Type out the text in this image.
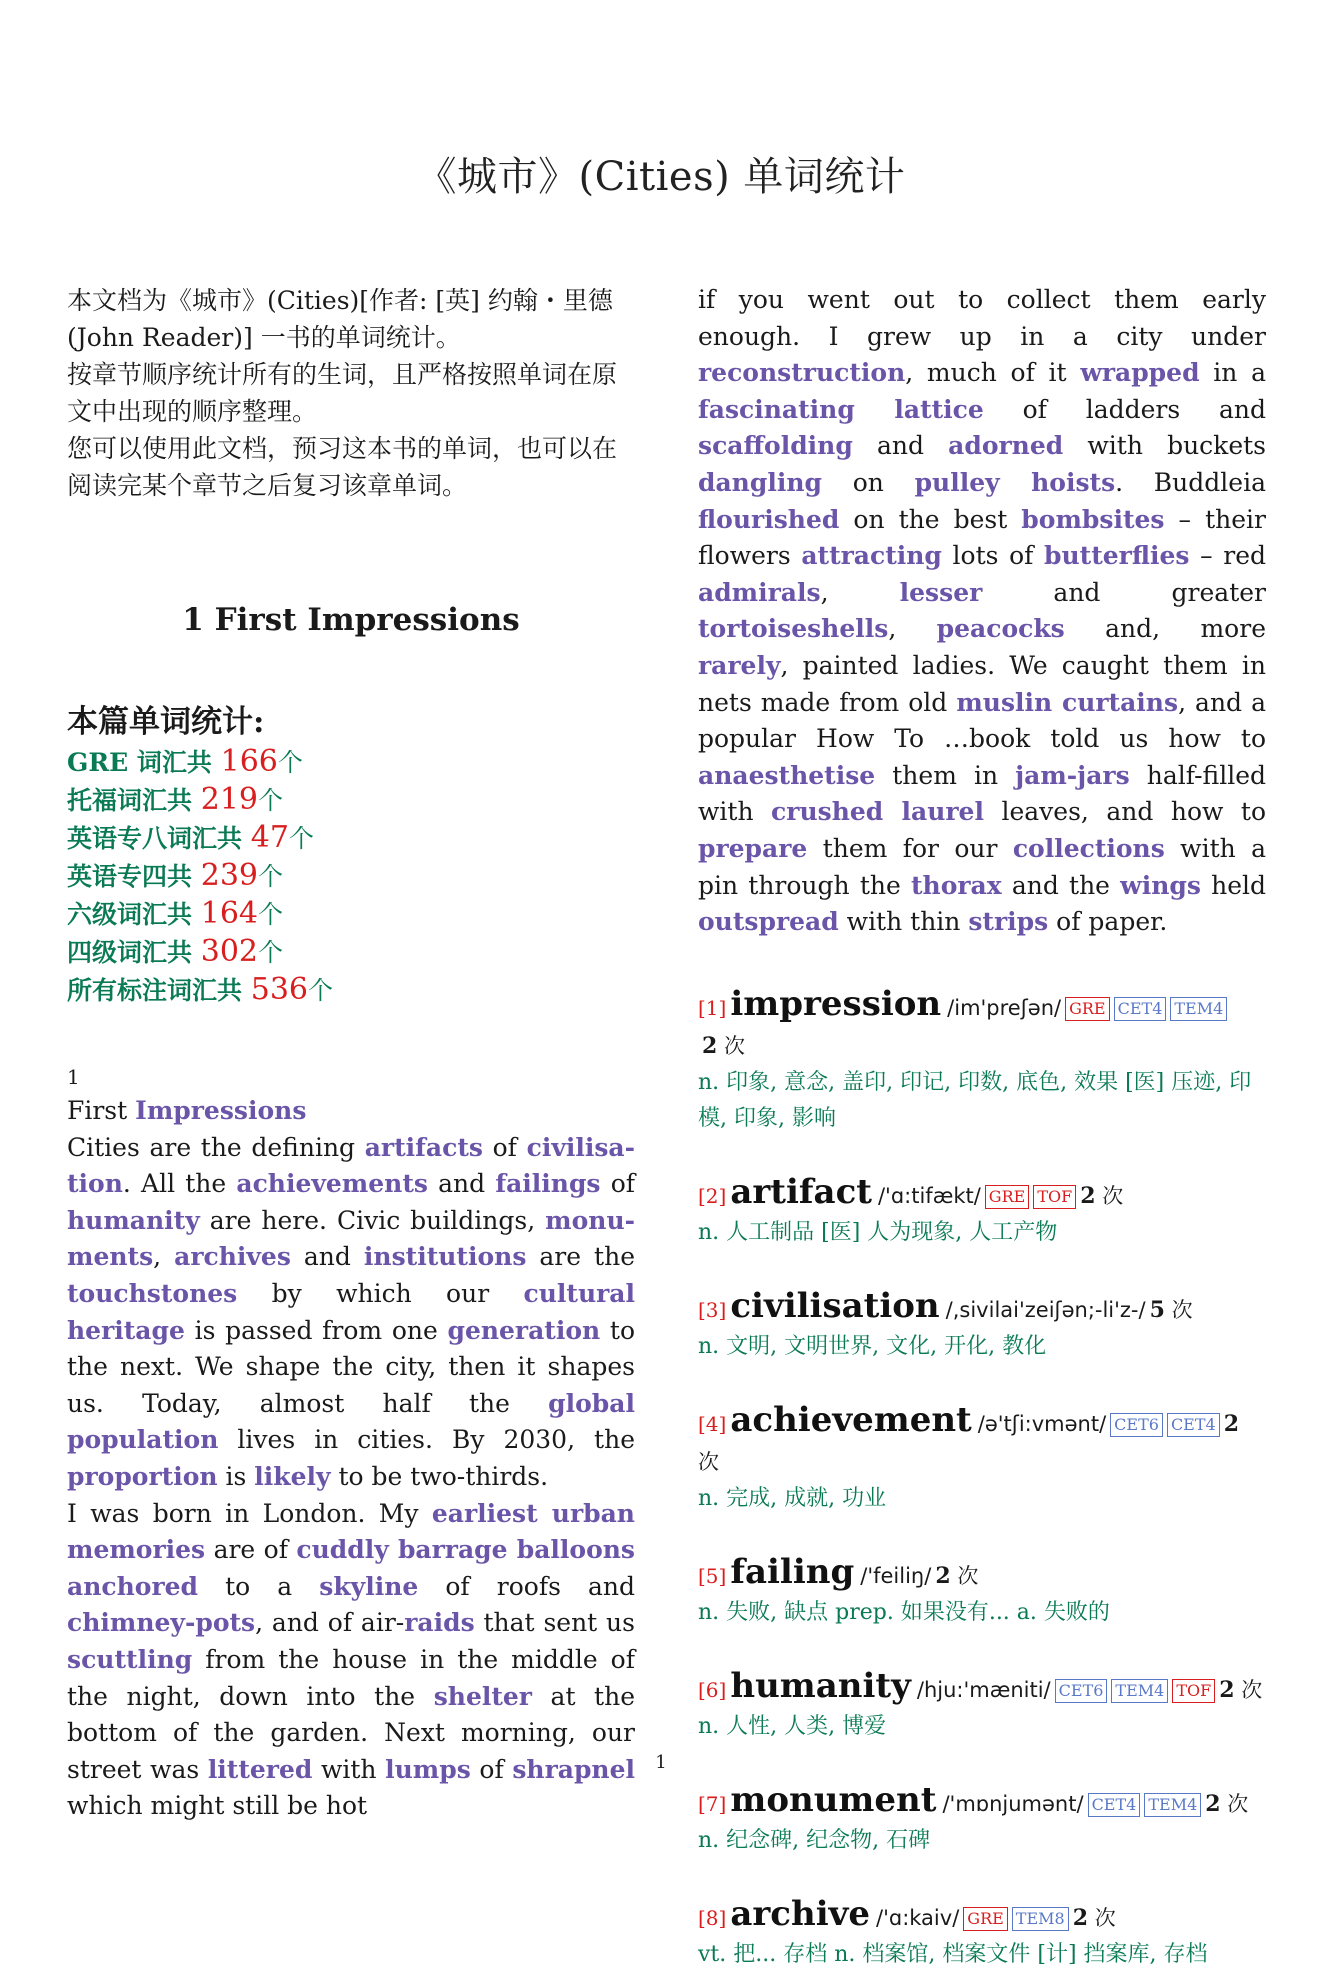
《城市》(Cities) 单词统计

本文档为《城市》(Cities)[作者: [英] 约翰・里德 (John Reader)] 一书的单词统计。

按章节顺序统计所有的生词，且严格按照单词在原文中出现的顺序整理。

您可以使用此文档，预习这本书的单词，也可以在阅读完某个章节之后复习该章单词。

1 First Impressions
本篇单词统计:
GRE 词汇共 166个
托福词汇共 219个
英语专八词汇共 47个
英语专四共 239个
六级词汇共 164个
四级词汇共 302个
所有标注词汇共 536个
1
First Impressions

Cities are the defining artifacts of civilisa-tion. All the achievements and failings of humanity are here. Civic buildings, monu-ments, archives and institutions are the touchstones by which our cultural heritage is passed from one generation to the next. We shape the city, then it shapes us. Today, almost half the global population lives in cities. By 2030, the proportion is likely to be two-thirds.

I was born in London. My earliest urban memories are of cuddly barrage balloons anchored to a skyline of roofs and chimney-pots, and of air-raids that sent us scuttling from the house in the middle of the night, down into the shelter at the bottom of the garden. Next morning, our street was littered with lumps of shrapnel which might still be hot

if you went out to collect them early enough. I grew up in a city under reconstruction, much of it wrapped in a fascinating lattice of ladders and scaffolding and adorned with buckets dangling on pulley hoists. Buddleia flourished on the best bombsites – their flowers attracting lots of butterflies – red admirals, lesser and greater tortoiseshells, peacocks and, more rarely, painted ladies. We caught them in nets made from old muslin curtains, and a popular How To …book told us how to anaesthetise them in jam-jars half-filled with crushed laurel leaves, and how to prepare them for our collections with a pin through the thorax and the wings held outspread with thin strips of paper.

[1] impression /im'preʃən/ GRE CET4 TEM4
2 次

n. 印象, 意念, 盖印, 印记, 印数, 底色, 效果 [医] 压迹, 印模, 印象, 影响

[2] artifact /'ɑ:tifækt/ GRE TOF 2 次

n. 人工制品 [医] 人为现象, 人工产物

[3] civilisation /,sivilai'zeiʃən;-li'z-/ 5 次

n. 文明, 文明世界, 文化, 开化, 教化

[4] achievement /ə'tʃi:vmənt/ CET6 CET4 2 次

n. 完成, 成就, 功业

[5] failing /'feiliŋ/ 2 次

n. 失败, 缺点 prep. 如果没有... a. 失败的

[6] humanity /hju:'mæniti/ CET6 TEM4 TOF 2 次

n. 人性, 人类, 博爱

[7] monument /'mɒnjumənt/ CET4 TEM4 2 次

n. 纪念碑, 纪念物, 石碑

[8] archive /'ɑ:kaiv/ GRE TEM8 2 次

vt. 把... 存档 n. 档案馆, 档案文件 [计] 挡案库, 存档

1
